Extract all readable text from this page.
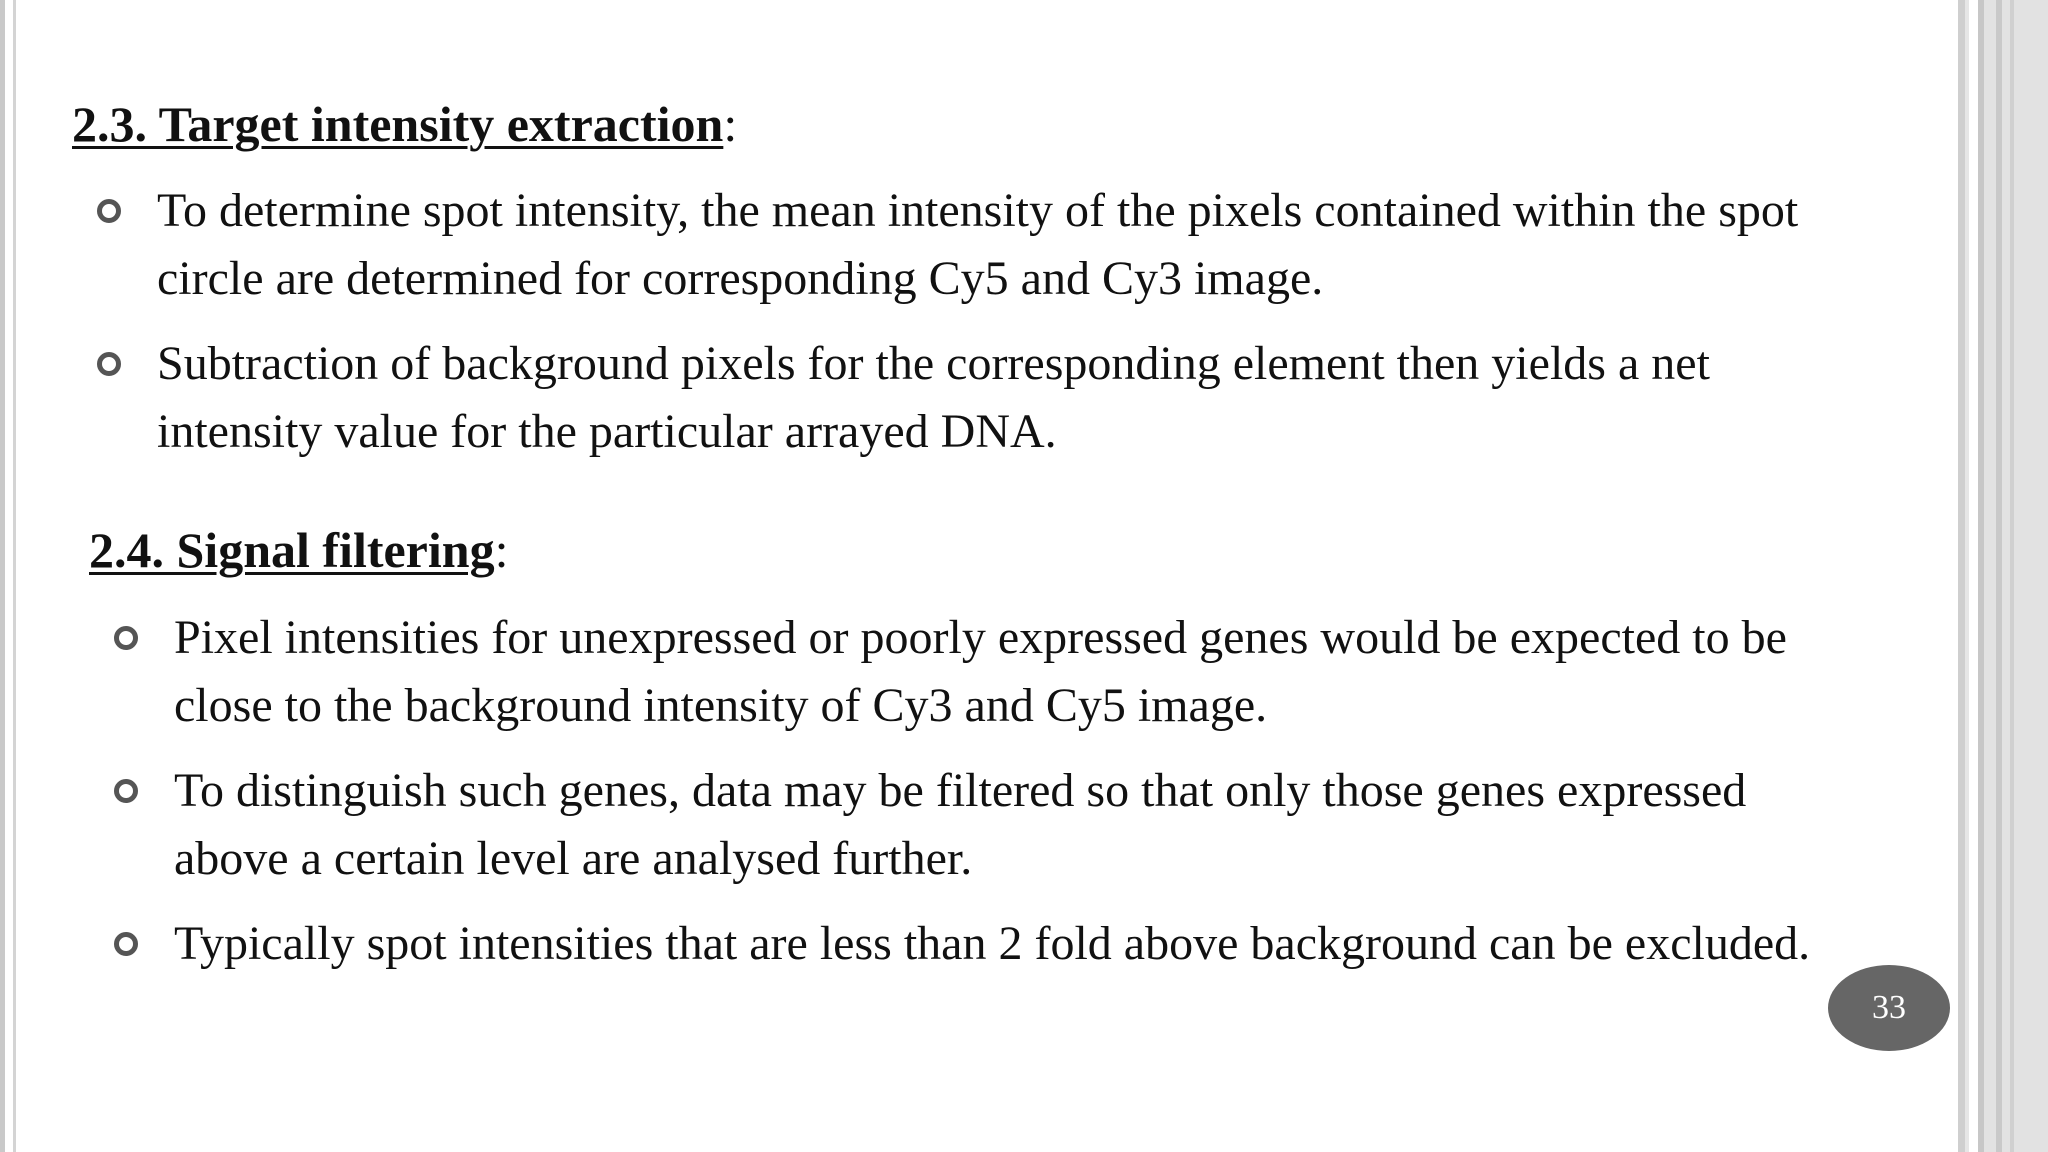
2.3. Target intensity extraction:
To determine spot intensity, the mean intensity of the pixels contained within the spot circle are determined for corresponding Cy5 and Cy3 image.
Subtraction of background pixels for the corresponding element then yields a net intensity value for the particular arrayed DNA.
2.4. Signal filtering:
Pixel intensities for unexpressed or poorly expressed genes would be expected to be close to the background intensity of Cy3 and Cy5 image.
To distinguish such genes, data may be filtered so that only those genes expressed above a certain level are analysed further.
Typically spot intensities that are less than 2 fold above background can be excluded.
33
